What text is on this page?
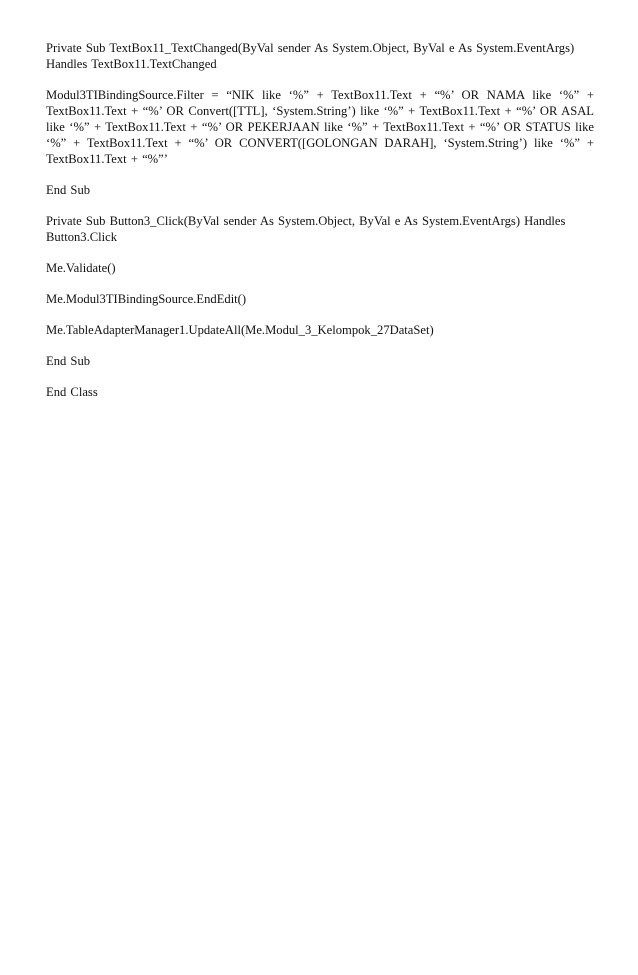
Private Sub TextBox11_TextChanged(ByVal sender As System.Object, ByVal e As System.EventArgs) Handles TextBox11.TextChanged

Modul3TIBindingSource.Filter = “NIK like ‘%” + TextBox11.Text + “%’ OR NAMA like ‘%” + TextBox11.Text + “%’ OR Convert([TTL], ‘System.String’) like ‘%” + TextBox11.Text + “%’ OR ASAL like ‘%” + TextBox11.Text + “%’ OR PEKERJAAN like ‘%” + TextBox11.Text + “%’ OR STATUS like ‘%” + TextBox11.Text + “%’ OR CONVERT([GOLONGAN DARAH], ‘System.String’) like ‘%” + TextBox11.Text + “%”’

End Sub

Private Sub Button3_Click(ByVal sender As System.Object, ByVal e As System.EventArgs) Handles Button3.Click

Me.Validate()

Me.Modul3TIBindingSource.EndEdit()

Me.TableAdapterManager1.UpdateAll(Me.Modul_3_Kelompok_27DataSet)

End Sub

End Class
